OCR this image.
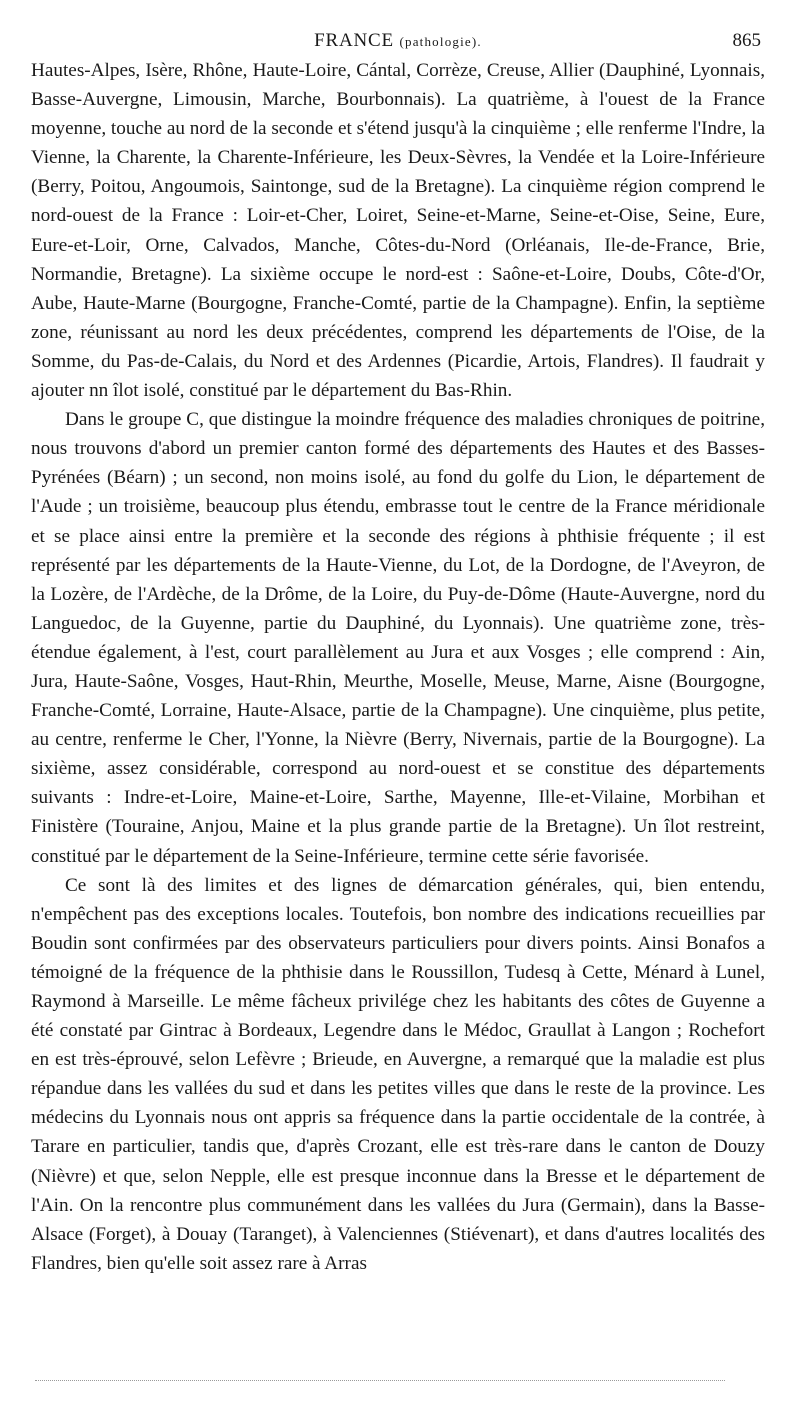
FRANCE (pathologie).	865

Hautes-Alpes, Isère, Rhône, Haute-Loire, Cántal, Corrèze, Creuse, Allier (Dauphiné, Lyonnais, Basse-Auvergne, Limousin, Marche, Bourbonnais). La quatrième, à l'ouest de la France moyenne, touche au nord de la seconde et s'étend jusqu'à la cinquième ; elle renferme l'Indre, la Vienne, la Charente, la Charente-Inférieure, les Deux-Sèvres, la Vendée et la Loire-Inférieure (Berry, Poitou, Angoumois, Saintonge, sud de la Bretagne). La cinquième région comprend le nord-ouest de la France : Loir-et-Cher, Loiret, Seine-et-Marne, Seine-et-Oise, Seine, Eure, Eure-et-Loir, Orne, Calvados, Manche, Côtes-du-Nord (Orléanais, Ile-de-France, Brie, Normandie, Bretagne). La sixième occupe le nord-est : Saône-et-Loire, Doubs, Côte-d'Or, Aube, Haute-Marne (Bourgogne, Franche-Comté, partie de la Champagne). Enfin, la septième zone, réunissant au nord les deux précédentes, comprend les départements de l'Oise, de la Somme, du Pas-de-Calais, du Nord et des Ardennes (Picardie, Artois, Flandres). Il faudrait y ajouter nn îlot isolé, constitué par le département du Bas-Rhin.

Dans le groupe C, que distingue la moindre fréquence des maladies chroniques de poitrine, nous trouvons d'abord un premier canton formé des départements des Hautes et des Basses-Pyrénées (Béarn) ; un second, non moins isolé, au fond du golfe du Lion, le département de l'Aude ; un troisième, beaucoup plus étendu, embrasse tout le centre de la France méridionale et se place ainsi entre la première et la seconde des régions à phthisie fréquente ; il est représenté par les départements de la Haute-Vienne, du Lot, de la Dordogne, de l'Aveyron, de la Lozère, de l'Ardèche, de la Drôme, de la Loire, du Puy-de-Dôme (Haute-Auvergne, nord du Languedoc, de la Guyenne, partie du Dauphiné, du Lyonnais). Une quatrième zone, très-étendue également, à l'est, court parallèlement au Jura et aux Vosges ; elle comprend : Ain, Jura, Haute-Saône, Vosges, Haut-Rhin, Meurthe, Moselle, Meuse, Marne, Aisne (Bourgogne, Franche-Comté, Lorraine, Haute-Alsace, partie de la Champagne). Une cinquième, plus petite, au centre, renferme le Cher, l'Yonne, la Nièvre (Berry, Nivernais, partie de la Bourgogne). La sixième, assez considérable, correspond au nord-ouest et se constitue des départements suivants : Indre-et-Loire, Maine-et-Loire, Sarthe, Mayenne, Ille-et-Vilaine, Morbihan et Finistère (Touraine, Anjou, Maine et la plus grande partie de la Bretagne). Un îlot restreint, constitué par le département de la Seine-Inférieure, termine cette série favorisée.

Ce sont là des limites et des lignes de démarcation générales, qui, bien entendu, n'empêchent pas des exceptions locales. Toutefois, bon nombre des indications recueillies par Boudin sont confirmées par des observateurs particuliers pour divers points. Ainsi Bonafos a témoigné de la fréquence de la phthisie dans le Roussillon, Tudesq à Cette, Ménard à Lunel, Raymond à Marseille. Le même fâcheux privilége chez les habitants des côtes de Guyenne a été constaté par Gintrac à Bordeaux, Legendre dans le Médoc, Graullat à Langon ; Rochefort en est très-éprouvé, selon Lefèvre ; Brieude, en Auvergne, a remarqué que la maladie est plus répandue dans les vallées du sud et dans les petites villes que dans le reste de la province. Les médecins du Lyonnais nous ont appris sa fréquence dans la partie occidentale de la contrée, à Tarare en particulier, tandis que, d'après Crozant, elle est très-rare dans le canton de Douzy (Nièvre) et que, selon Nepple, elle est presque inconnue dans la Bresse et le département de l'Ain. On la rencontre plus communément dans les vallées du Jura (Germain), dans la Basse-Alsace (Forget), à Douay (Taranget), à Valenciennes (Stiévenart), et dans d'autres localités des Flandres, bien qu'elle soit assez rare à Arras
